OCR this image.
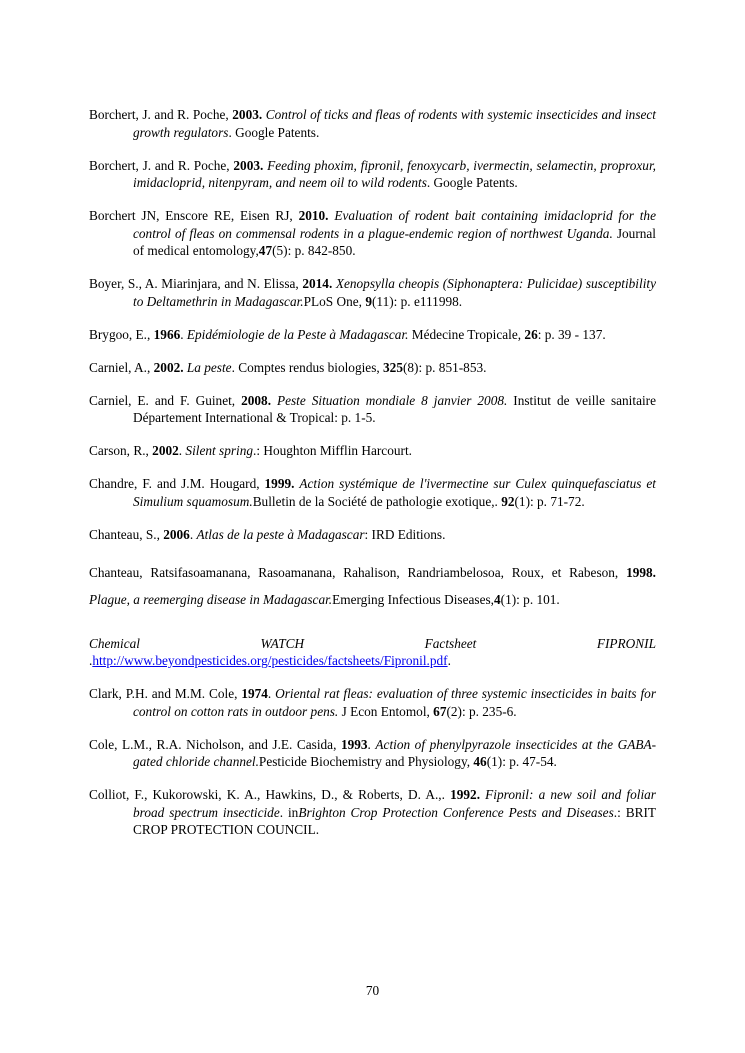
Borchert, J. and R. Poche, 2003. Control of ticks and fleas of rodents with systemic insecticides and insect growth regulators. Google Patents.

Borchert, J. and R. Poche, 2003. Feeding phoxim, fipronil, fenoxycarb, ivermectin, selamectin, proproxur, imidacloprid, nitenpyram, and neem oil to wild rodents. Google Patents.

Borchert JN, Enscore RE, Eisen RJ, 2010. Evaluation of rodent bait containing imidacloprid for the control of fleas on commensal rodents in a plague-endemic region of northwest Uganda. Journal of medical entomology,47(5): p. 842-850.

Boyer, S., A. Miarinjara, and N. Elissa, 2014. Xenopsylla cheopis (Siphonaptera: Pulicidae) susceptibility to Deltamethrin in Madagascar.PLoS One, 9(11): p. e111998.

Brygoo, E., 1966. Epidémiologie de la Peste à Madagascar. Médecine Tropicale, 26: p. 39 - 137.

Carniel, A., 2002. La peste. Comptes rendus biologies, 325(8): p. 851-853.

Carniel, E. and F. Guinet, 2008. Peste Situation mondiale 8 janvier 2008. Institut de veille sanitaire Département International & Tropical: p. 1-5.

Carson, R., 2002. Silent spring.: Houghton Mifflin Harcourt.

Chandre, F. and J.M. Hougard, 1999. Action systémique de l'ivermectine sur Culex quinquefasciatus et Simulium squamosum.Bulletin de la Société de pathologie exotique,. 92(1): p. 71-72.

Chanteau, S., 2006. Atlas de la peste à Madagascar: IRD Editions.

Chanteau, Ratsifasoamanana, Rasoamanana, Rahalison, Randriambelosoa, Roux, et Rabeson, 1998. Plague, a reemerging disease in Madagascar.Emerging Infectious Diseases,4(1): p. 101.

Chemical	WATCH	Factsheet	FIPRONIL
.http://www.beyondpesticides.org/pesticides/factsheets/Fipronil.pdf.

Clark, P.H. and M.M. Cole, 1974. Oriental rat fleas: evaluation of three systemic insecticides in baits for control on cotton rats in outdoor pens. J Econ Entomol, 67(2): p. 235-6.

Cole, L.M., R.A. Nicholson, and J.E. Casida, 1993. Action of phenylpyrazole insecticides at the GABA-gated chloride channel.Pesticide Biochemistry and Physiology, 46(1): p. 47-54.

Colliot, F., Kukorowski, K. A., Hawkins, D., & Roberts, D. A.,. 1992. Fipronil: a new soil and foliar broad spectrum insecticide. inBrighton Crop Protection Conference Pests and Diseases.: BRIT CROP PROTECTION COUNCIL.

70
